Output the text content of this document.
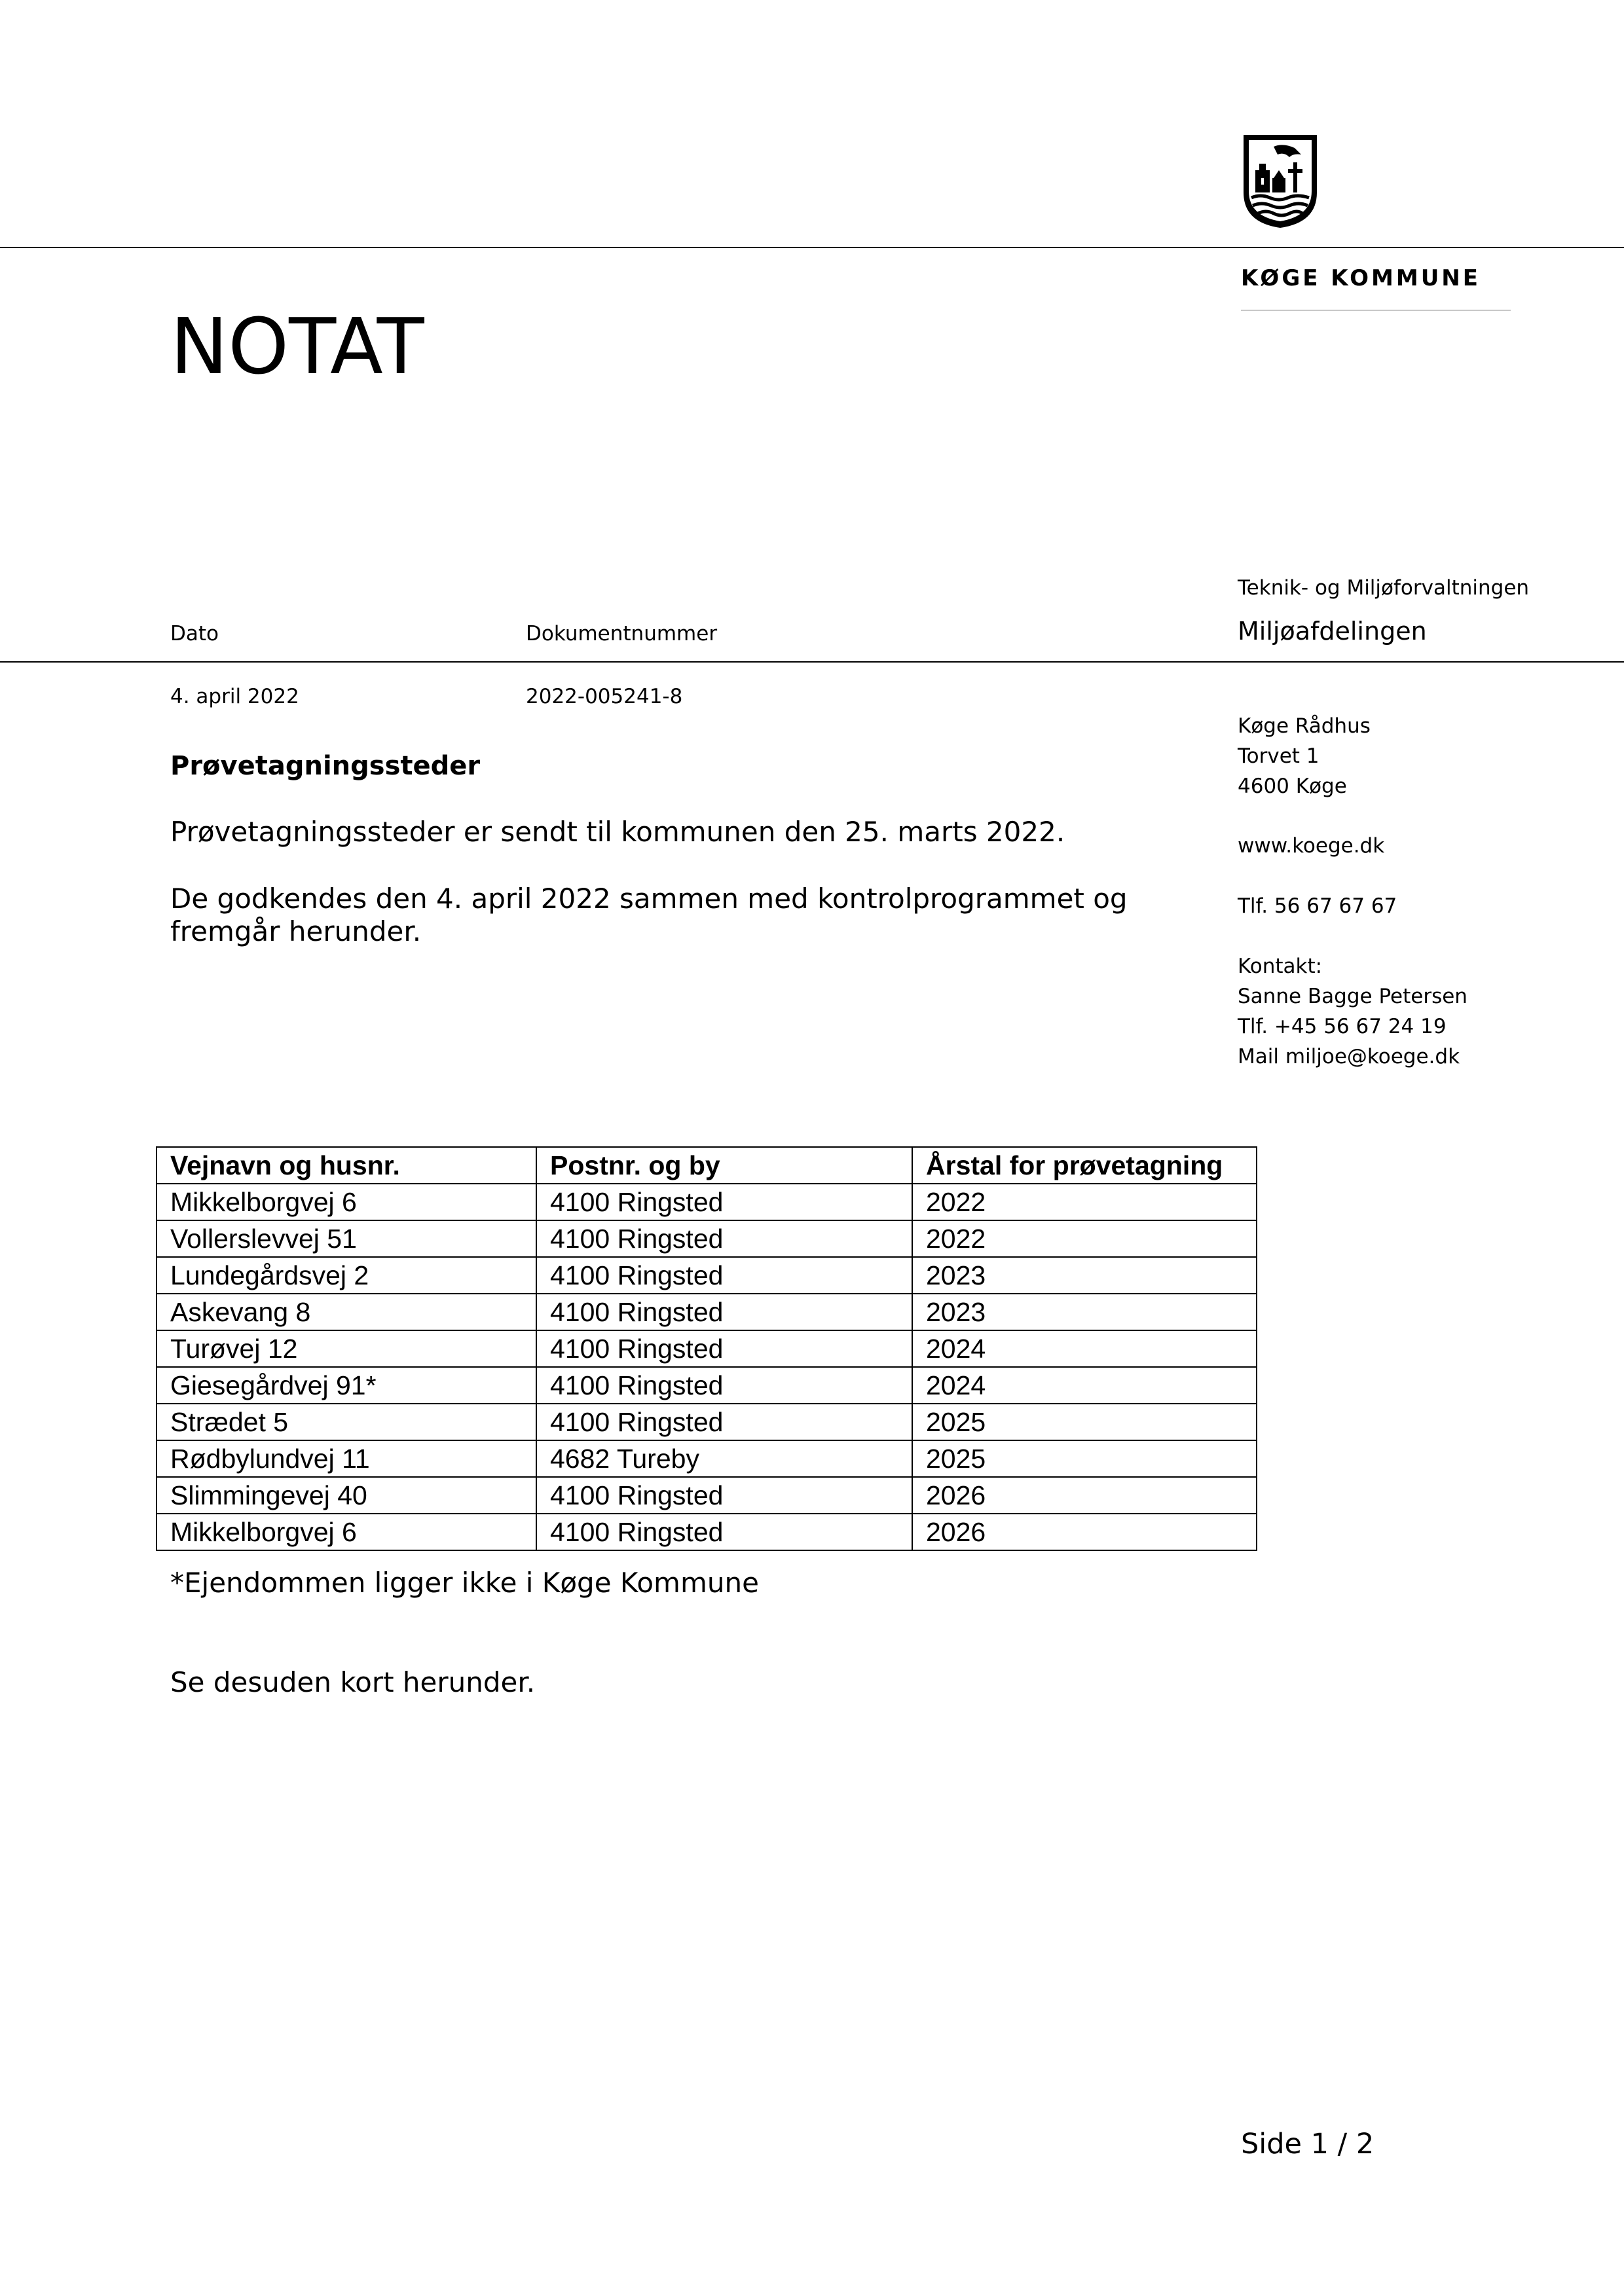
KØGE KOMMUNE
NOTAT
Teknik- og Miljøforvaltningen
Miljøafdelingen
Dato	Dokumentnummer
4. april 2022	2022-005241-8
Køge Rådhus
Torvet 1
4600 Køge
www.koege.dk
Tlf. 56 67 67 67
Kontakt:
Sanne Bagge Petersen
Tlf. +45 56 67 24 19
Mail miljoe@koege.dk
Prøvetagningssteder
Prøvetagningssteder er sendt til kommunen den 25. marts 2022.
De godkendes den 4. april 2022 sammen med kontrolprogrammet og
fremgår herunder.
Vejnavn og husnr.	Postnr. og by	Årstal for prøvetagning
Mikkelborgvej 6	4100 Ringsted	2022
Vollerslevvej 51	4100 Ringsted	2022
Lundegårdsvej 2	4100 Ringsted	2023
Askevang 8	4100 Ringsted	2023
Turøvej 12	4100 Ringsted	2024
Giesegårdvej 91*	4100 Ringsted	2024
Strædet 5	4100 Ringsted	2025
Rødbylundvej 11	4682 Tureby	2025
Slimmingevej 40	4100 Ringsted	2026
Mikkelborgvej 6	4100 Ringsted	2026
*Ejendommen ligger ikke i Køge Kommune
Se desuden kort herunder.
Side 1 / 2
